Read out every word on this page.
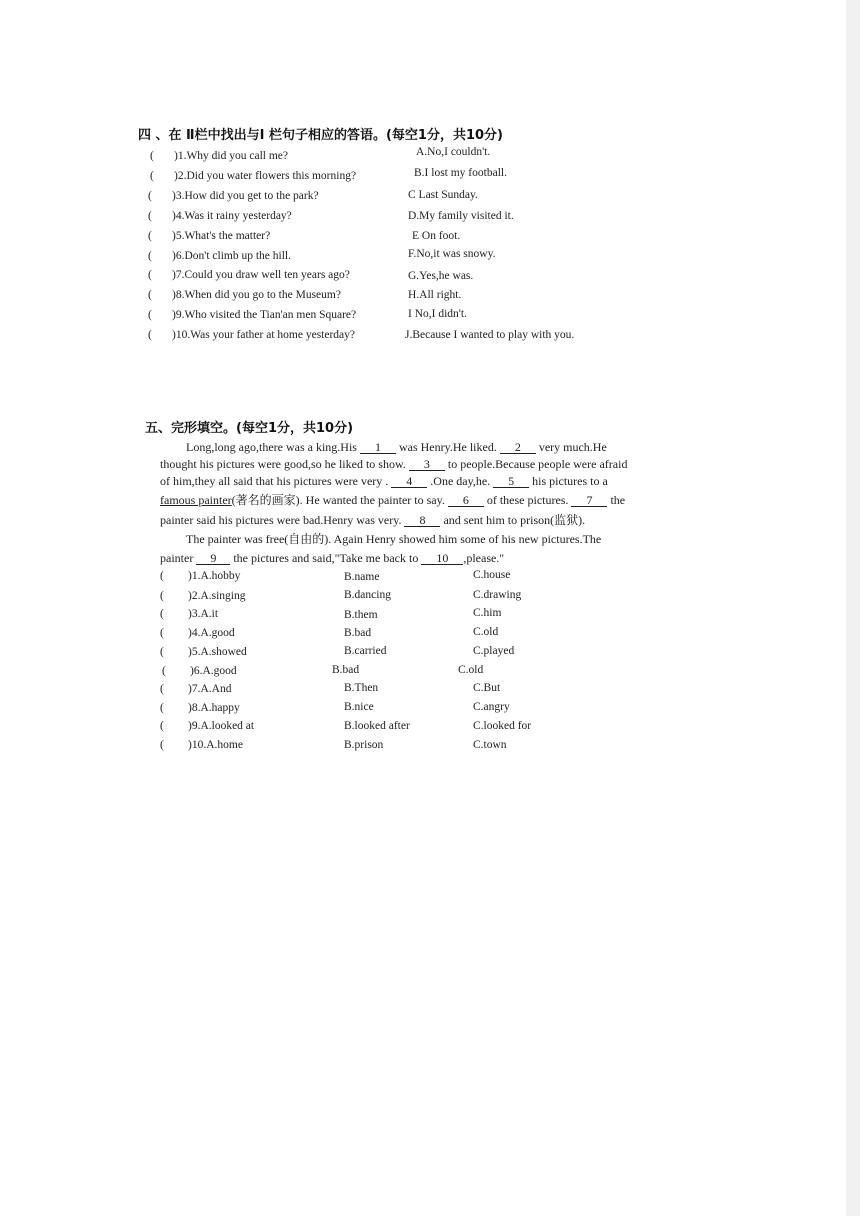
四 、在 Ⅱ栏中找出与Ⅰ 栏句子相应的答语。(每空1分，共10分)
( )1.Why did you call me?	A.No,I couldn't.
( )2.Did you water flowers this morning?	B.I lost my football.
( )3.How did you get to the park?	C Last Sunday.
( )4.Was it rainy yesterday?	D.My family visited it.
( )5.What's the matter?	E On foot.
( )6.Don't climb up the hill.	F.No,it was snowy.
( )7.Could you draw well ten years ago?	G.Yes,he was.
( )8.When did you go to the Museum?	H.All right.
( )9.Who visited the Tian'an men Square?	I No,I didn't.
( )10.Was your father at home yesterday?	J.Because I wanted to play with you.
五、完形填空。(每空1分，共10分)
Long,long ago,there was a king.His 1 was Henry.He liked. 2 very much.He
thought his pictures were good,so he liked to show. 3 to people.Because people were afraid
of him,they all said that his pictures were very . 4 .One day,he. 5 his pictures to a
famous painter(著名的画家). He wanted the painter to say. 6 of these pictures. 7 the
painter said his pictures were bad.Henry was very. 8 and sent him to prison(监狱).
The painter was free(自由的). Again Henry showed him some of his new pictures.The
painter 9 the pictures and said,"Take me back to 10 ,please."
( )1.A.hobby	B.name	C.house
( )2.A.singing	B.dancing	C.drawing
( )3.A.it	B.them	C.him
( )4.A.good	B.bad	C.old
( )5.A.showed	B.carried	C.played
( )6.A.good	B.bad	C.old
( )7.A.And	B.Then	C.But
( )8.A.happy	B.nice	C.angry
( )9.A.looked at	B.looked after	C.looked for
( )10.A.home	B.prison	C.town
